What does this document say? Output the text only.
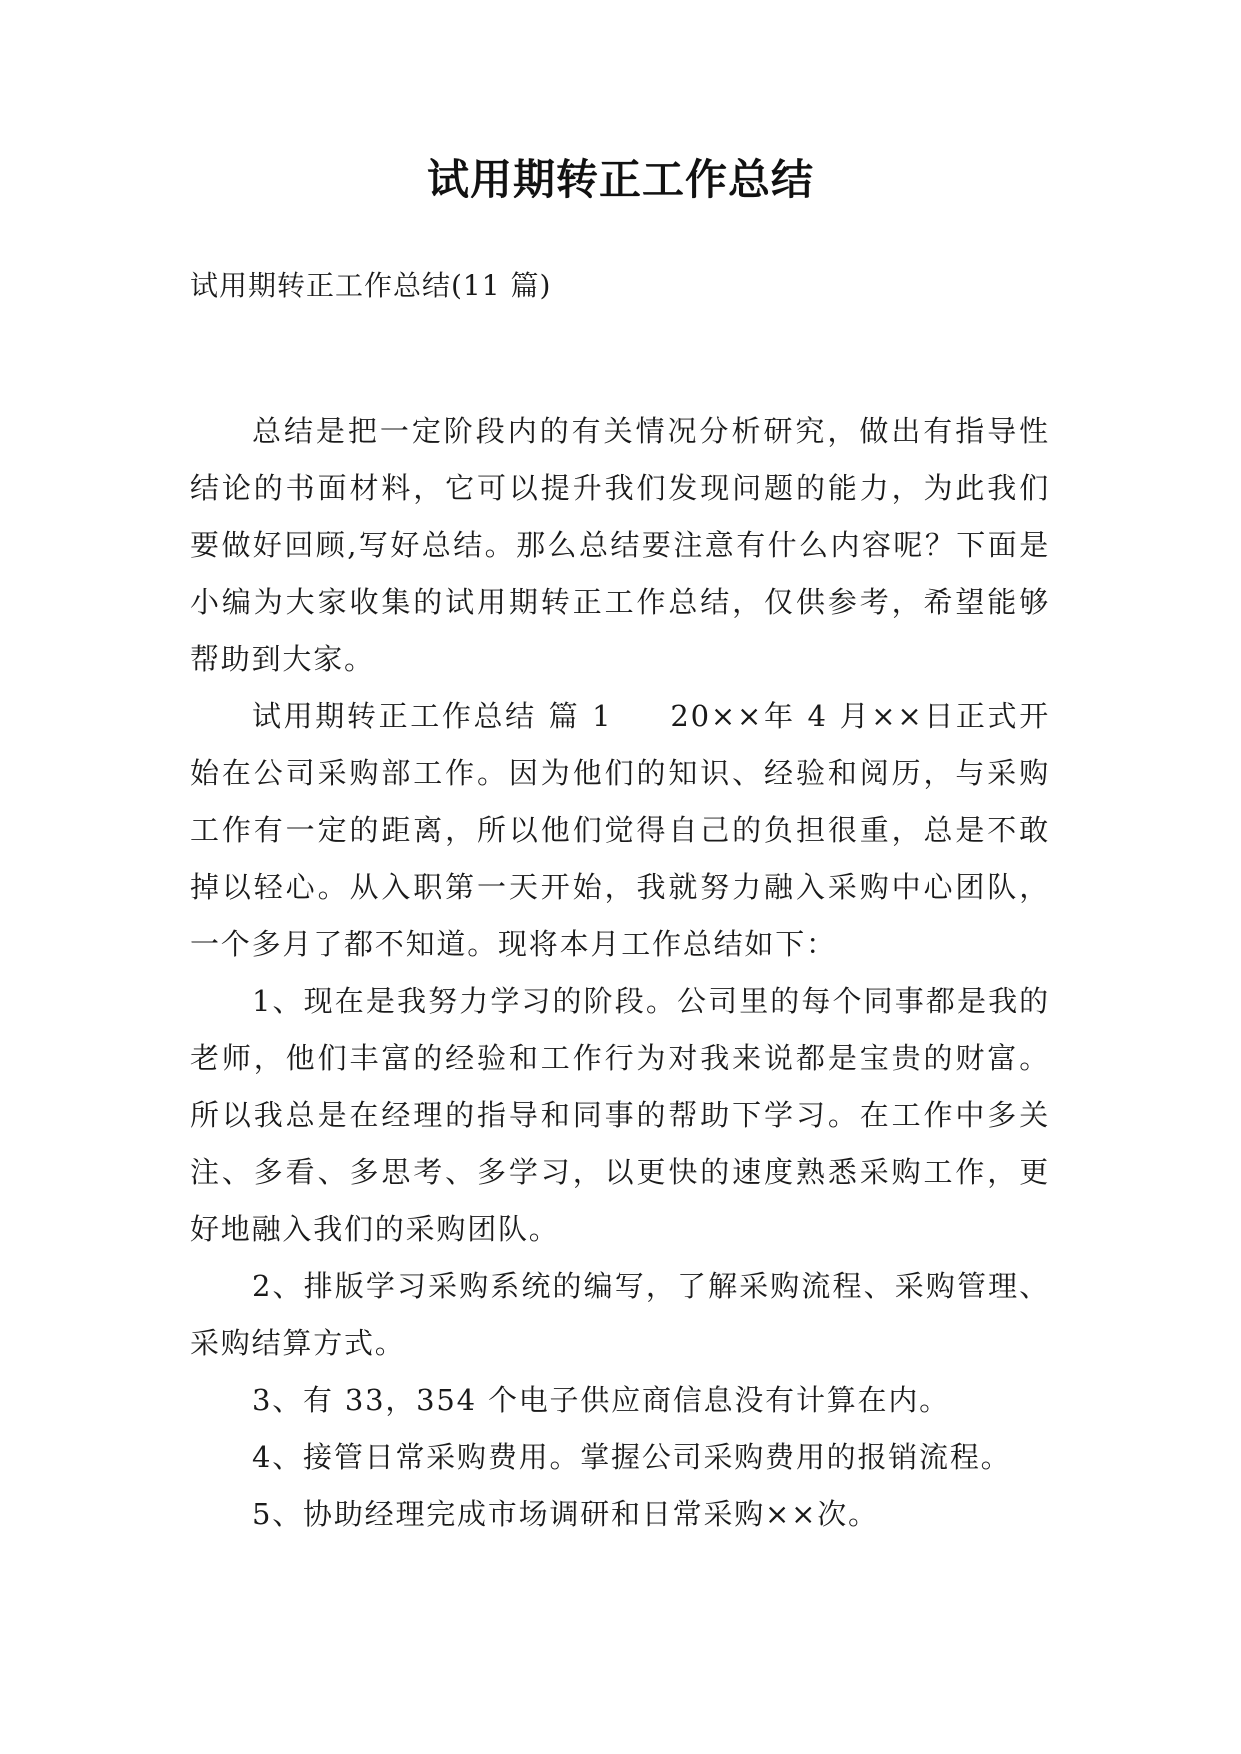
试用期转正工作总结

试用期转正工作总结(11 篇)

总结是把一定阶段内的有关情况分析研究，做出有指导性结论的书面材料，它可以提升我们发现问题的能力，为此我们要做好回顾,写好总结。那么总结要注意有什么内容呢？下面是小编为大家收集的试用期转正工作总结，仅供参考，希望能够帮助到大家。

试用期转正工作总结 篇 1 20××年 4 月××日正式开始在公司采购部工作。因为他们的知识、经验和阅历，与采购工作有一定的距离，所以他们觉得自己的负担很重，总是不敢掉以轻心。从入职第一天开始，我就努力融入采购中心团队，一个多月了都不知道。现将本月工作总结如下：

1、现在是我努力学习的阶段。公司里的每个同事都是我的老师，他们丰富的经验和工作行为对我来说都是宝贵的财富。所以我总是在经理的指导和同事的帮助下学习。在工作中多关注、多看、多思考、多学习，以更快的速度熟悉采购工作，更好地融入我们的采购团队。

2、排版学习采购系统的编写，了解采购流程、采购管理、采购结算方式。

3、有 33，354 个电子供应商信息没有计算在内。

4、接管日常采购费用。掌握公司采购费用的报销流程。

5、协助经理完成市场调研和日常采购××次。
